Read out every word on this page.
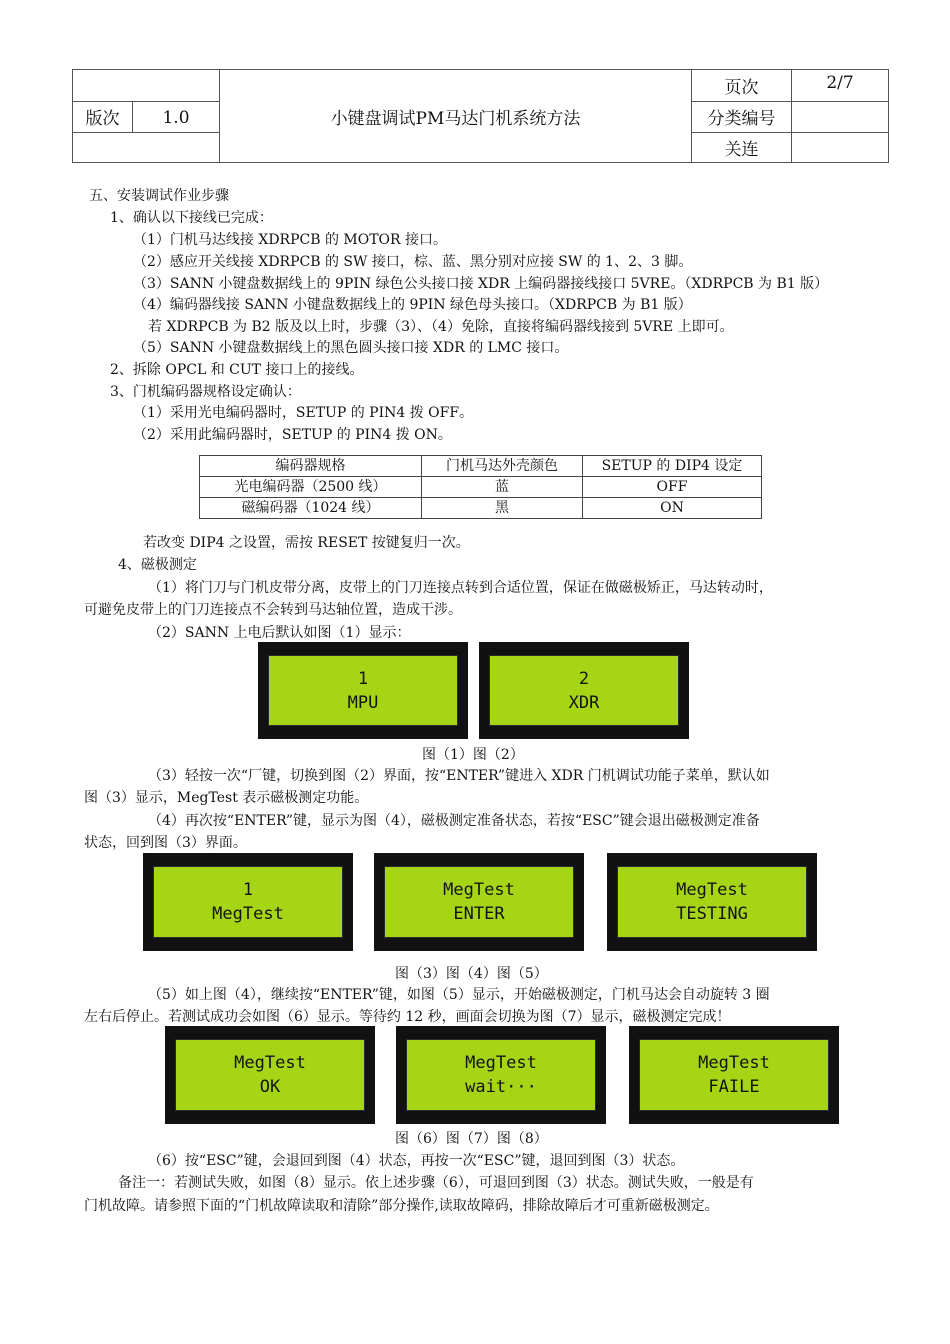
版次	1.0	小键盘调试PM马达门机系统方法
页次	2/7
分类编号
关连
五、安装调试作业步骤
1、确认以下接线已完成：
（1）门机马达线接 XDRPCB 的 MOTOR 接口。
（2）感应开关线接 XDRPCB 的 SW 接口，棕、蓝、黑分别对应接 SW 的 1、2、3 脚。
（3）SANN 小键盘数据线上的 9PIN 绿色公头接口接 XDR 上编码器接线接口 5VRE。（XDRPCB 为 B1 版）
（4）编码器线接 SANN 小键盘数据线上的 9PIN 绿色母头接口。（XDRPCB 为 B1 版）
若 XDRPCB 为 B2 版及以上时，步骤（3）、（4）免除，直接将编码器线接到 5VRE 上即可。
（5）SANN 小键盘数据线上的黑色圆头接口接 XDR 的 LMC 接口。
2、拆除 OPCL 和 CUT 接口上的接线。
3、门机编码器规格设定确认：
（1）采用光电编码器时，SETUP 的 PIN4 拨 OFF。
（2）采用此编码器时，SETUP 的 PIN4 拨 ON。
编码器规格	门机马达外壳颜色	SETUP 的 DIP4 设定
光电编码器（2500 线）	蓝	OFF
磁编码器（1024 线）	黑	ON
若改变 DIP4 之设置，需按 RESET 按键复归一次。
4、磁极测定
（1）将门刀与门机皮带分离，皮带上的门刀连接点转到合适位置，保证在做磁极矫正，马达转动时，
可避免皮带上的门刀连接点不会转到马达轴位置，造成干涉。
（2）SANN 上电后默认如图（1）显示：
1
MPU
2
XDR
图（1）图（2）
（3）轻按一次“厂键，切换到图（2）界面，按“ENTER”键进入 XDR 门机调试功能子菜单，默认如
图（3）显示，MegTest 表示磁极测定功能。
（4）再次按“ENTER”键，显示为图（4），磁极测定准备状态，若按“ESC”键会退出磁极测定准备
状态，回到图（3）界面。
1
MegTest
MegTest
ENTER
MegTest
TESTING
图（3）图（4）图（5）
（5）如上图（4），继续按“ENTER”键，如图（5）显示，开始磁极测定，门机马达会自动旋转 3 圈
左右后停止。若测试成功会如图（6）显示。等待约 12 秒，画面会切换为图（7）显示，磁极测定完成！
MegTest
OK
MegTest
wait···
MegTest
FAILE
图（6）图（7）图（8）
（6）按“ESC”键，会退回到图（4）状态，再按一次“ESC”键，退回到图（3）状态。
备注一：若测试失败，如图（8）显示。依上述步骤（6），可退回到图（3）状态。测试失败，一般是有
门机故障。请参照下面的“门机故障读取和清除”部分操作,读取故障码，排除故障后才可重新磁极测定。
